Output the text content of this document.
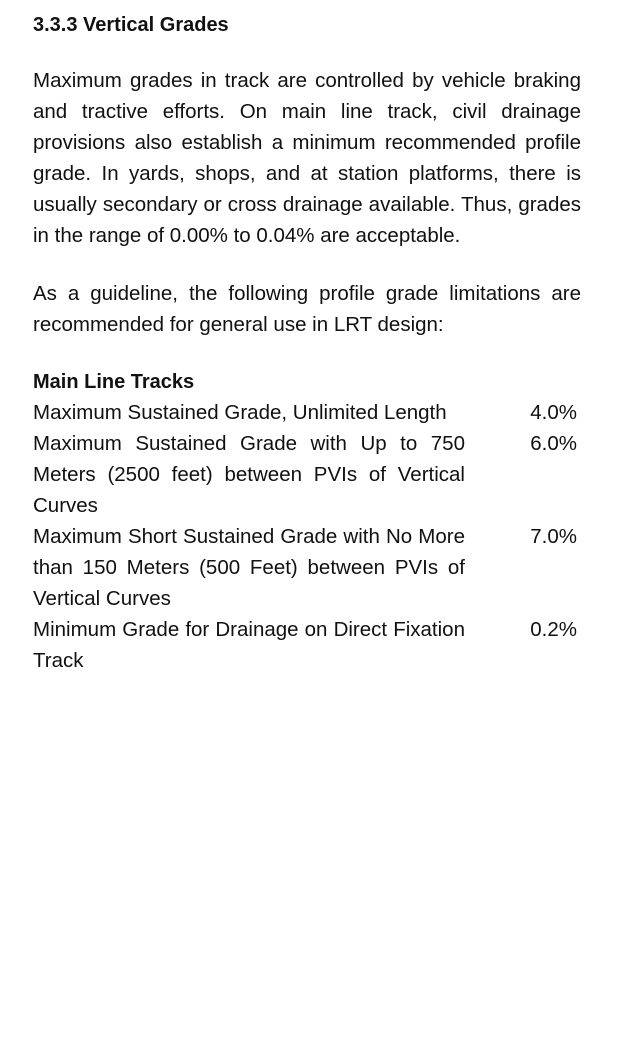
3.3.3 Vertical Grades

Maximum grades in track are controlled by vehicle braking and tractive efforts. On main line track, civil drainage provisions also establish a minimum recommended profile grade. In yards, shops, and at station platforms, there is usually secondary or cross drainage available. Thus, grades in the range of 0.00% to 0.04% are acceptable.

As a guideline, the following profile grade limitations are recommended for general use in LRT design:

Main Line Tracks
Maximum Sustained Grade, Unlimited Length	4.0%
Maximum Sustained Grade with Up to 750 Meters (2500 feet) between PVIs of Vertical Curves
6.0%
Maximum Short Sustained Grade with No More than 150 Meters (500 Feet) between PVIs of Vertical Curves
7.0%
Minimum Grade for Drainage on Direct Fixation Track
0.2%
